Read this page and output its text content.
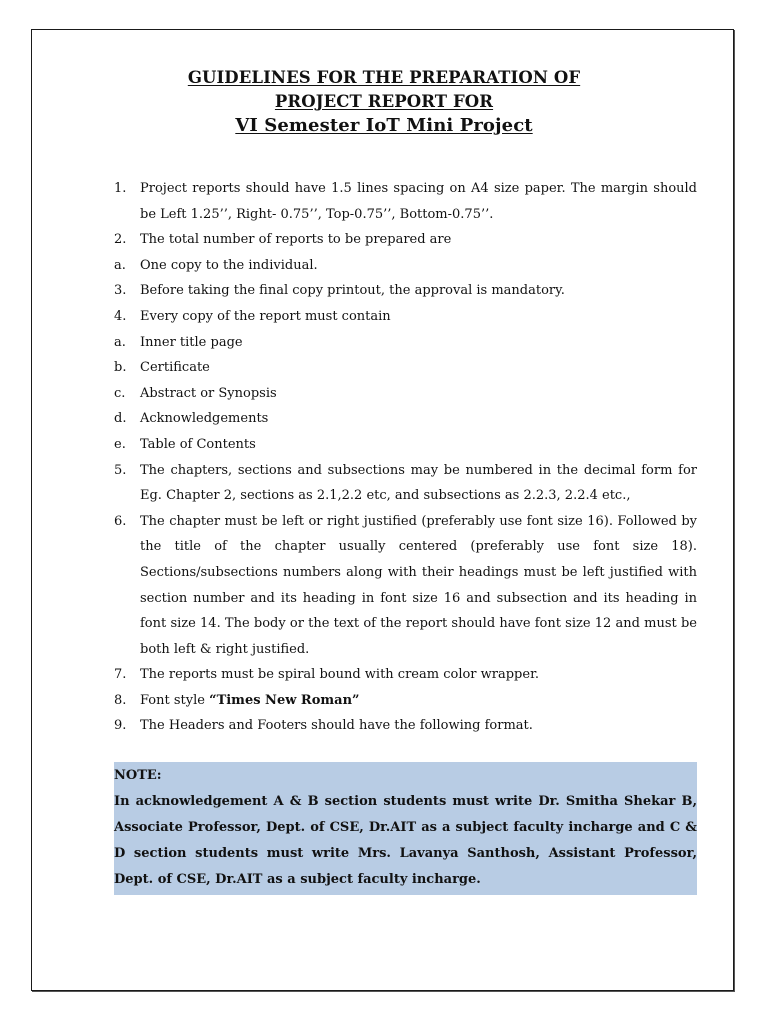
GUIDELINES FOR THE PREPARATION OF
PROJECT REPORT FOR
VI Semester IoT Mini Project
1.	Project reports should have 1.5 lines spacing on A4 size paper. The margin should be Left 1.25’’, Right- 0.75’’, Top-0.75’’, Bottom-0.75’’.
2.	The total number of reports to be prepared are
a.	One copy to the individual.
3.	Before taking the final copy printout, the approval is mandatory.
4.	Every copy of the report must contain
a.	Inner title page
b.	Certificate
c.	Abstract or Synopsis
d.	Acknowledgements
e.	Table of Contents
5.	The chapters, sections and subsections may be numbered in the decimal form for Eg. Chapter 2, sections as 2.1,2.2 etc, and subsections as 2.2.3, 2.2.4 etc.,
6.	The chapter must be left or right justified (preferably use font size 16). Followed by the title of the chapter usually centered (preferably use font size 18). Sections/subsections numbers along with their headings must be left justified with section number and its heading in font size 16 and subsection and its heading in font size 14. The body or the text of the report should have font size 12 and must be both left & right justified.
7.	The reports must be spiral bound with cream color wrapper.
8.	Font style “Times New Roman”
9.	The Headers and Footers should have the following format.
NOTE:
In acknowledgement A & B section students must write Dr. Smitha Shekar B, Associate Professor, Dept. of CSE, Dr.AIT as a subject faculty incharge and C & D section students must write Mrs. Lavanya Santhosh, Assistant Professor, Dept. of CSE, Dr.AIT as a subject faculty incharge.
